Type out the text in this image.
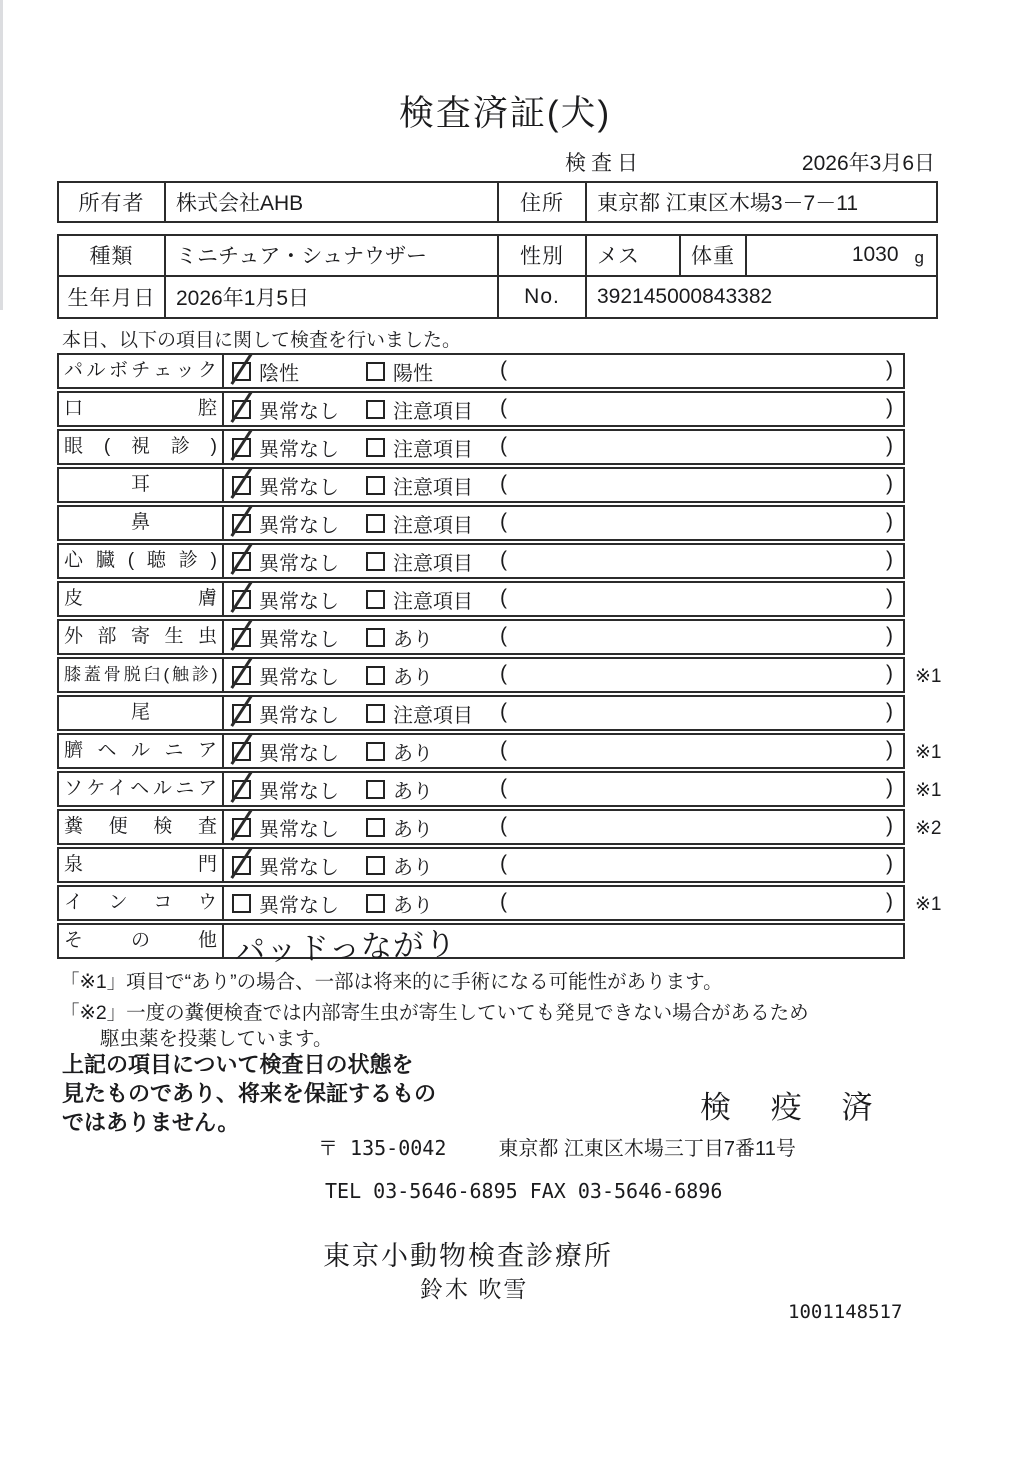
検査済証(犬)
検査日	2026年3月6日
所有者	株式会社AHB	住所	東京都 江東区木場3－7－11
種類	ミニチュア・シュナウザー	性別	メス	体重	1030 g
生年月日 2026年1月5日	No.	392145000843382
本日、以下の項目に関して検査を行いました。
パルボチェック	陰性	陽性	(	)
口腔	異常なし	注意項目 (	)
眼(視診)	異常なし	注意項目 (	)
耳	異常なし	注意項目 (	)
鼻	異常なし	注意項目 (	)
心臓(聴診)	異常なし	注意項目 (	)
皮膚	異常なし	注意項目 (	)
外部寄生虫	異常なし	あり	(	)
膝蓋骨脱臼(触診)	異常なし	あり	(	) ※1
尾	異常なし	注意項目 (	)
臍ヘルニア	異常なし	あり	(	) ※1
ソケイヘルニア	異常なし	あり	(	) ※1
糞便検査	異常なし	あり	(	) ※2
泉門	異常なし	あり	(	)
インコウ	異常なし	あり	(	) ※1
その他 パッドっながり
「※1」項目で“あり”の場合、一部は将来的に手術になる可能性があります。
「※2」一度の糞便検査では内部寄生虫が寄生していても発見できない場合があるため
駆虫薬を投薬しています。
上記の項目について検査日の状態を
見たものであり、将来を保証するもの
ではありません。	検 疫 済
〒 135-0042	東京都 江東区木場三丁目7番11号
TEL 03-5646-6895 FAX 03-5646-6896
東京小動物検査診療所
鈴木 吹雪
1001148517
